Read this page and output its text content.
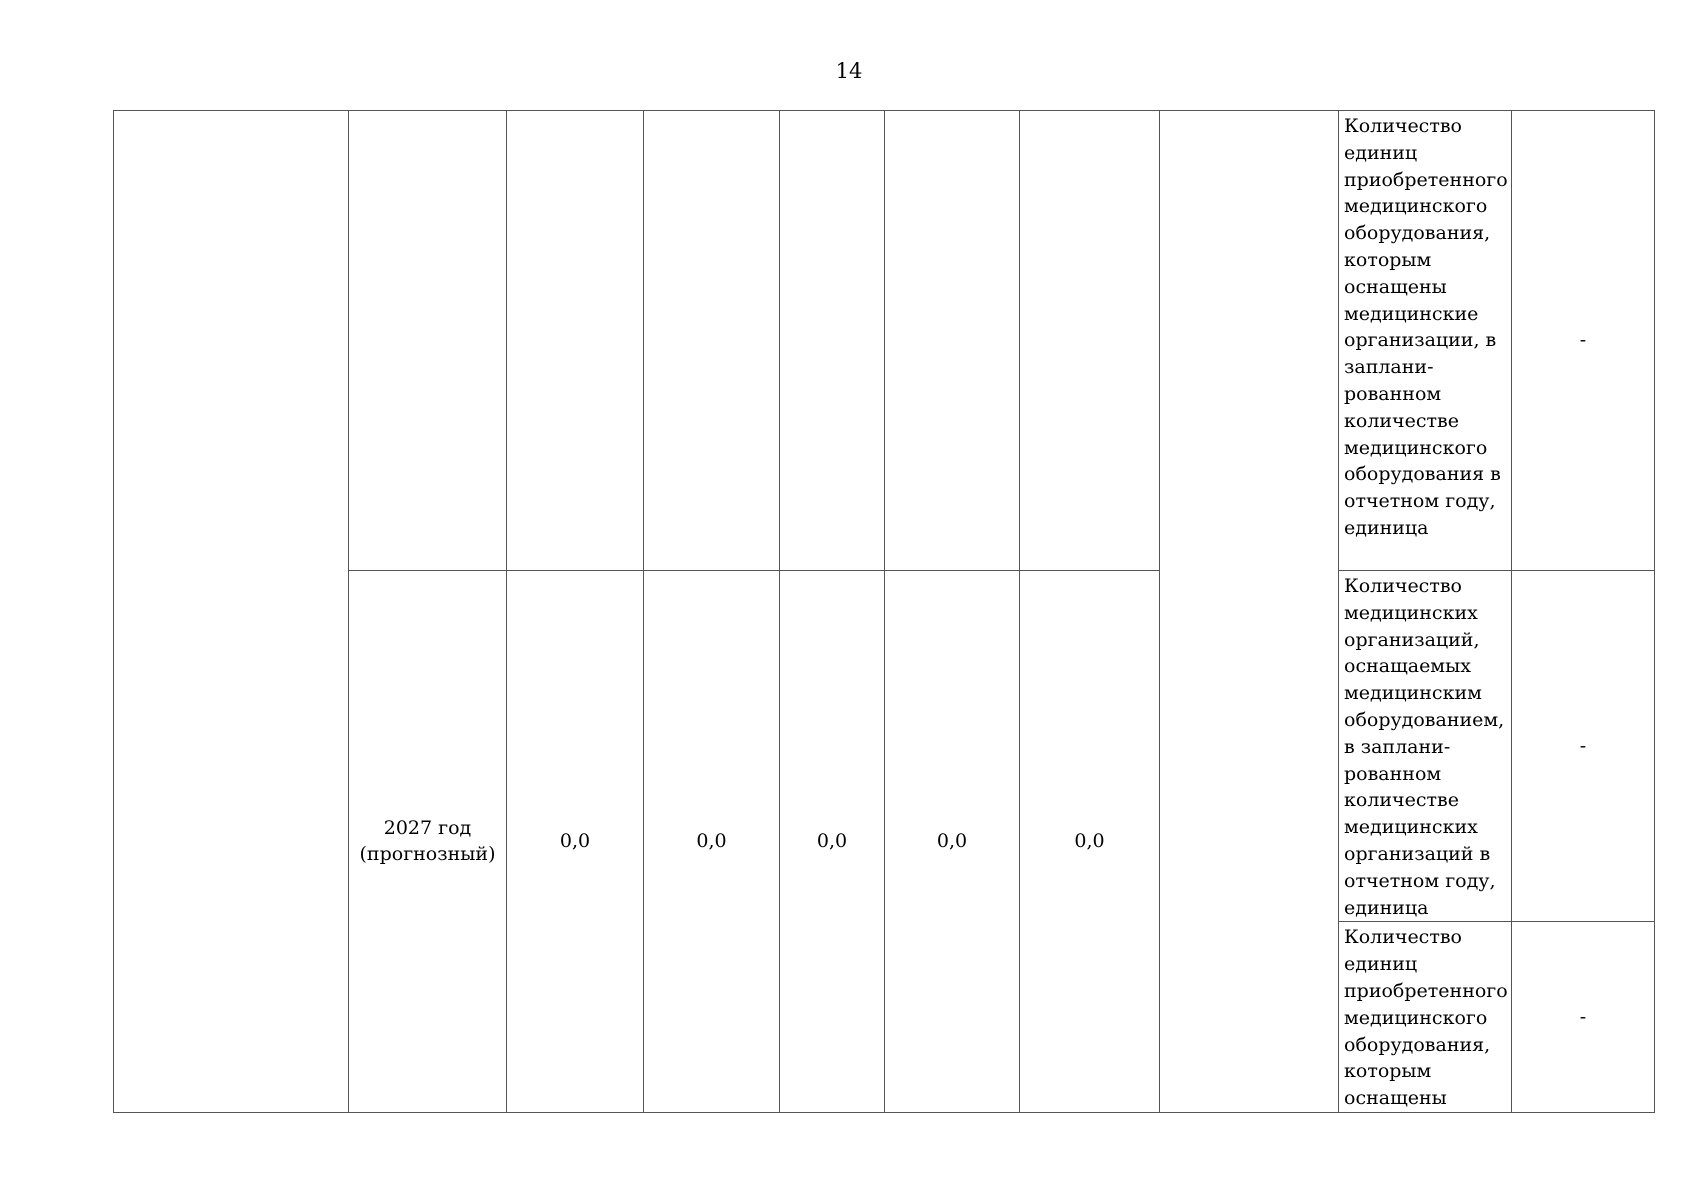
14
								Количество единиц приобретенного медицинского оборудования, которым оснащены медицинские организации, в заплани-рованном количестве медицинского оборудования в отчетном году, единица	-

	2027 год (прогнозный)	0,0	0,0	0,0	0,0	0,0		Количество медицинских организаций, оснащаемых медицинским оборудованием, в заплани-рованном количестве медицинских организаций в отчетном году, единица	-
								Количество единиц приобретенного медицинского оборудования, которым оснащены	-
